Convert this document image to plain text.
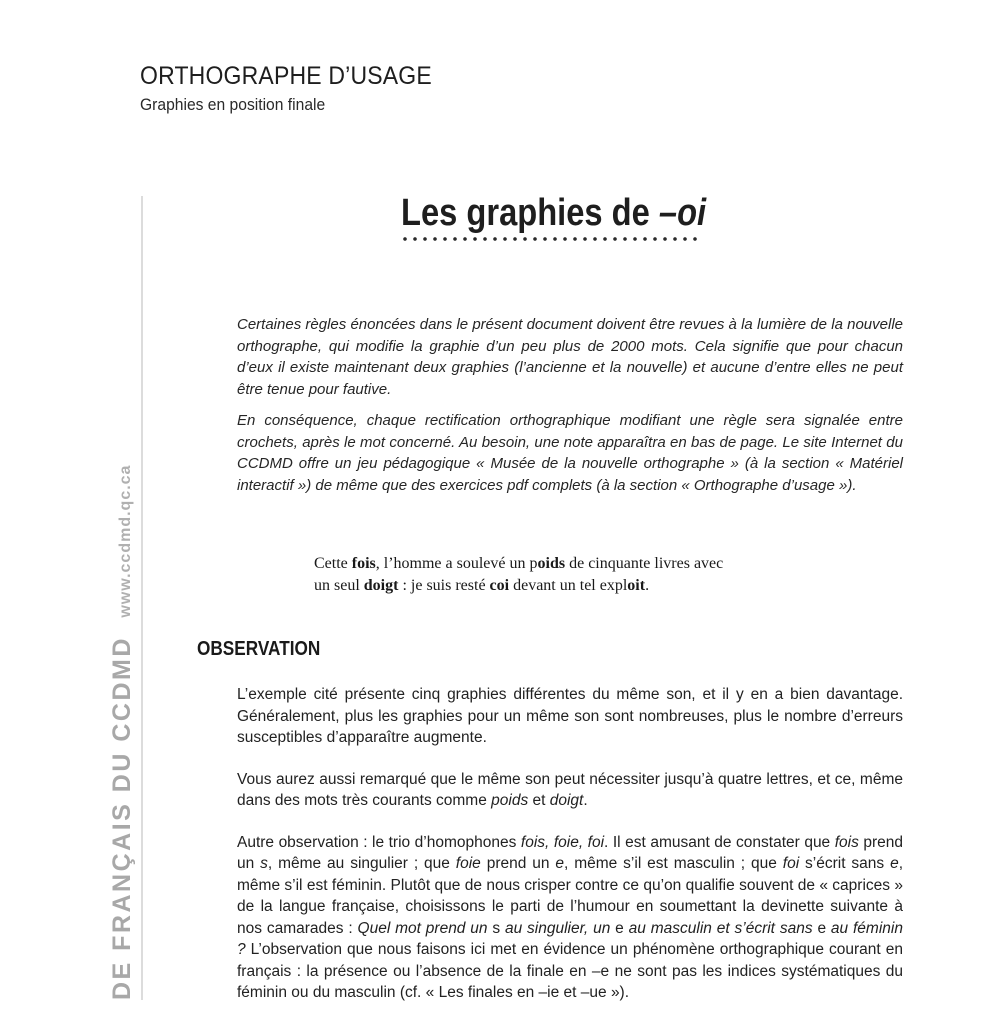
ORTHOGRAPHE D’USAGE
Graphies en position finale
DE FRANÇAIS DU CCDMD www.ccdmd.qc.ca
Les graphies de –oi

Certaines règles énoncées dans le présent document doivent être revues à la lumière de la nouvelle orthographe, qui modifie la graphie d’un peu plus de 2000 mots. Cela signifie que pour chacun d’eux il existe maintenant deux graphies (l’ancienne et la nouvelle) et aucune d’entre elles ne peut être tenue pour fautive.

En conséquence, chaque rectification orthographique modifiant une règle sera signalée entre crochets, après le mot concerné. Au besoin, une note apparaîtra en bas de page. Le site Internet du CCDMD offre un jeu pédagogique « Musée de la nouvelle orthographe » (à la section « Matériel interactif ») de même que des exercices pdf complets (à la section « Orthographe d’usage »).

Cette fois, l’homme a soulevé un poids de cinquante livres avec

un seul doigt : je suis resté coi devant un tel exploit.

OBSERVATION

L’exemple cité présente cinq graphies différentes du même son, et il y en a bien davantage. Généralement, plus les graphies pour un même son sont nombreuses, plus le nombre d’erreurs susceptibles d’apparaître augmente.

Vous aurez aussi remarqué que le même son peut nécessiter jusqu’à quatre lettres, et ce, même dans des mots très courants comme poids et doigt.

Autre observation : le trio d’homophones fois, foie, foi. Il est amusant de constater que fois prend un s, même au singulier ; que foie prend un e, même s’il est masculin ; que foi s’écrit sans e, même s’il est féminin. Plutôt que de nous crisper contre ce qu’on qualifie souvent de « caprices » de la langue française, choisissons le parti de l’humour en soumettant la devinette suivante à nos camarades : Quel mot prend un s au singulier, un e au masculin et s’écrit sans e au féminin ? L’observation que nous faisons ici met en évidence un phénomène orthographique courant en français : la présence ou l’absence de la finale en –e ne sont pas les indices systématiques du féminin ou du masculin (cf. « Les finales en –ie et –ue »).
